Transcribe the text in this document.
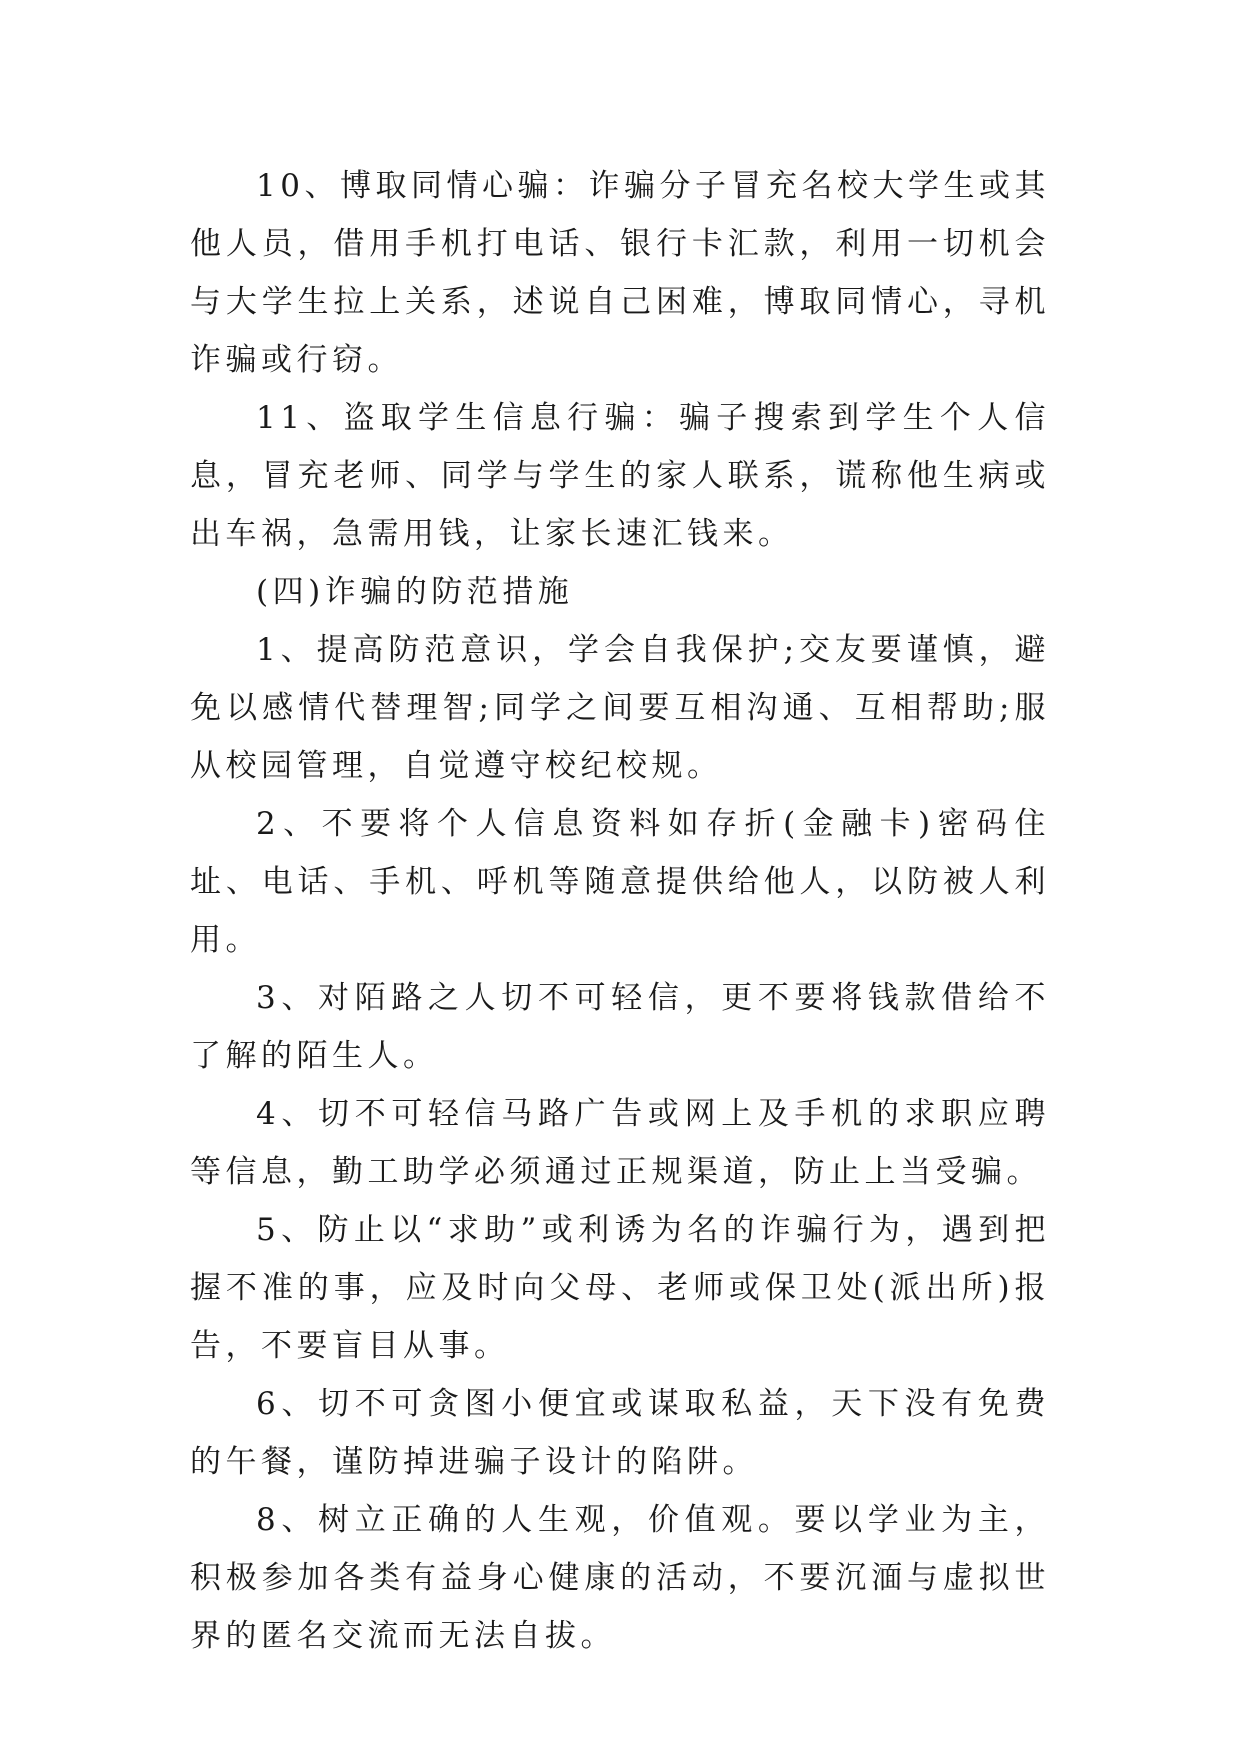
10、博取同情心骗：诈骗分子冒充名校大学生或其他人员，借用手机打电话、银行卡汇款，利用一切机会与大学生拉上关系，述说自己困难，博取同情心，寻机诈骗或行窃。

11、盗取学生信息行骗：骗子搜索到学生个人信息，冒充老师、同学与学生的家人联系，谎称他生病或出车祸，急需用钱，让家长速汇钱来。

(四)诈骗的防范措施

1、提高防范意识，学会自我保护;交友要谨慎，避免以感情代替理智;同学之间要互相沟通、互相帮助;服从校园管理，自觉遵守校纪校规。

2、不要将个人信息资料如存折(金融卡)密码住址、电话、手机、呼机等随意提供给他人，以防被人利用。

3、对陌路之人切不可轻信，更不要将钱款借给不了解的陌生人。

4、切不可轻信马路广告或网上及手机的求职应聘等信息，勤工助学必须通过正规渠道，防止上当受骗。

5、防止以“求助”或利诱为名的诈骗行为，遇到把握不准的事，应及时向父母、老师或保卫处(派出所)报告，不要盲目从事。

6、切不可贪图小便宜或谋取私益，天下没有免费的午餐，谨防掉进骗子设计的陷阱。

8、树立正确的人生观，价值观。要以学业为主，积极参加各类有益身心健康的活动，不要沉湎与虚拟世界的匿名交流而无法自拔。
